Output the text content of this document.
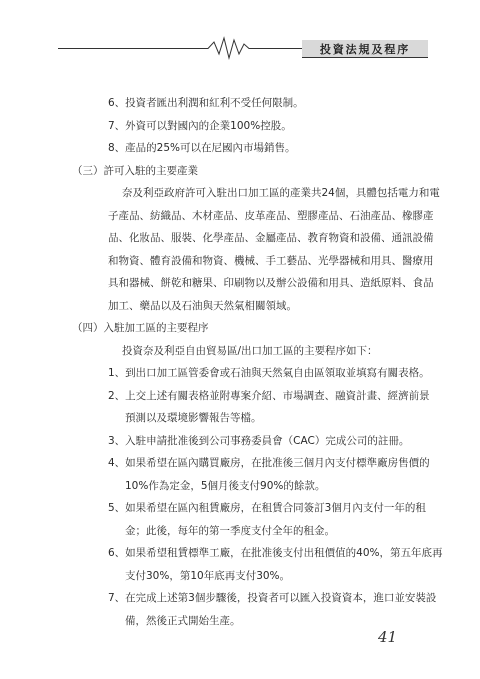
投資法規及程序
6、投資者匯出利潤和紅利不受任何限制。
7、外資可以對國內的企業100%控股。
8、產品的25%可以在尼國內市場銷售。
（三）許可入駐的主要產業
奈及利亞政府許可入駐出口加工區的產業共24個，具體包括電力和電
子產品、紡織品、木材產品、皮革產品、塑膠產品、石油產品、橡膠產
品、化妝品、服裝、化學產品、金屬產品、教育物資和設備、通訊設備
和物資、體育設備和物資、機械、手工藝品、光學器械和用具、醫療用
具和器械、餅乾和糖果、印刷物以及辦公設備和用具、造紙原料、食品
加工、藥品以及石油與天然氣相關領域。
（四）入駐加工區的主要程序
投資奈及利亞自由貿易區/出口加工區的主要程序如下：
1、到出口加工區管委會或石油與天然氣自由區領取並填寫有關表格。
2、上交上述有關表格並附專案介紹、市場調查、融資計畫、經濟前景
預測以及環境影響報告等檔。
3、入駐申請批准後到公司事務委員會（CAC）完成公司的註冊。
4、如果希望在區內購買廠房，在批准後三個月內支付標準廠房售價的
10%作為定金，5個月後支付90%的餘款。
5、如果希望在區內租賃廠房，在租賃合同簽訂3個月內支付一年的租
金；此後，每年的第一季度支付全年的租金。
6、如果希望租賃標準工廠，在批准後支付出租價值的40%，第五年底再
支付30%，第10年底再支付30%。
7、在完成上述第3個步驟後，投資者可以匯入投資資本，進口並安裝設
備，然後正式開始生產。
41
